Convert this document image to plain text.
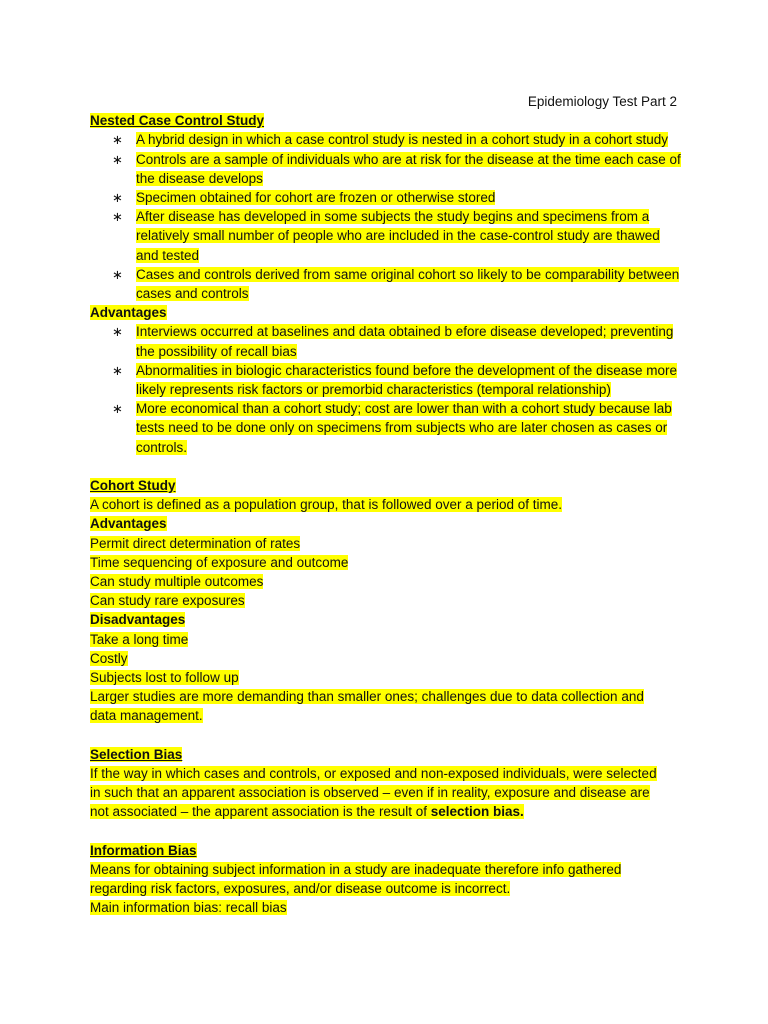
Epidemiology Test Part 2
Nested Case Control Study
∗ A hybrid design in which a case control study is nested in a cohort study in a cohort study
∗ Controls are a sample of individuals who are at risk for the disease at the time each case of the disease develops
∗ Specimen obtained for cohort are frozen or otherwise stored
∗ After disease has developed in some subjects the study begins and specimens from a relatively small number of people who are included in the case-control study are thawed and tested
∗ Cases and controls derived from same original cohort so likely to be comparability between cases and controls
Advantages
∗ Interviews occurred at baselines and data obtained b efore disease developed; preventing the possibility of recall bias
∗ Abnormalities in biologic characteristics found before the development of the disease more likely represents risk factors or premorbid characteristics (temporal relationship)
∗ More economical than a cohort study; cost are lower than with a cohort study because lab tests need to be done only on specimens from subjects who are later chosen as cases or controls.
Cohort Study
A cohort is defined as a population group, that is followed over a period of time.
Advantages
Permit direct determination of rates
Time sequencing of exposure and outcome
Can study multiple outcomes
Can study rare exposures
Disadvantages
Take a long time
Costly
Subjects lost to follow up
Larger studies are more demanding than smaller ones; challenges due to data collection and data management.
Selection Bias
If the way in which cases and controls, or exposed and non-exposed individuals, were selected in such that an apparent association is observed – even if in reality, exposure and disease are not associated – the apparent association is the result of selection bias.
Information Bias
Means for obtaining subject information in a study are inadequate therefore info gathered regarding risk factors, exposures, and/or disease outcome is incorrect.
Main information bias: recall bias
